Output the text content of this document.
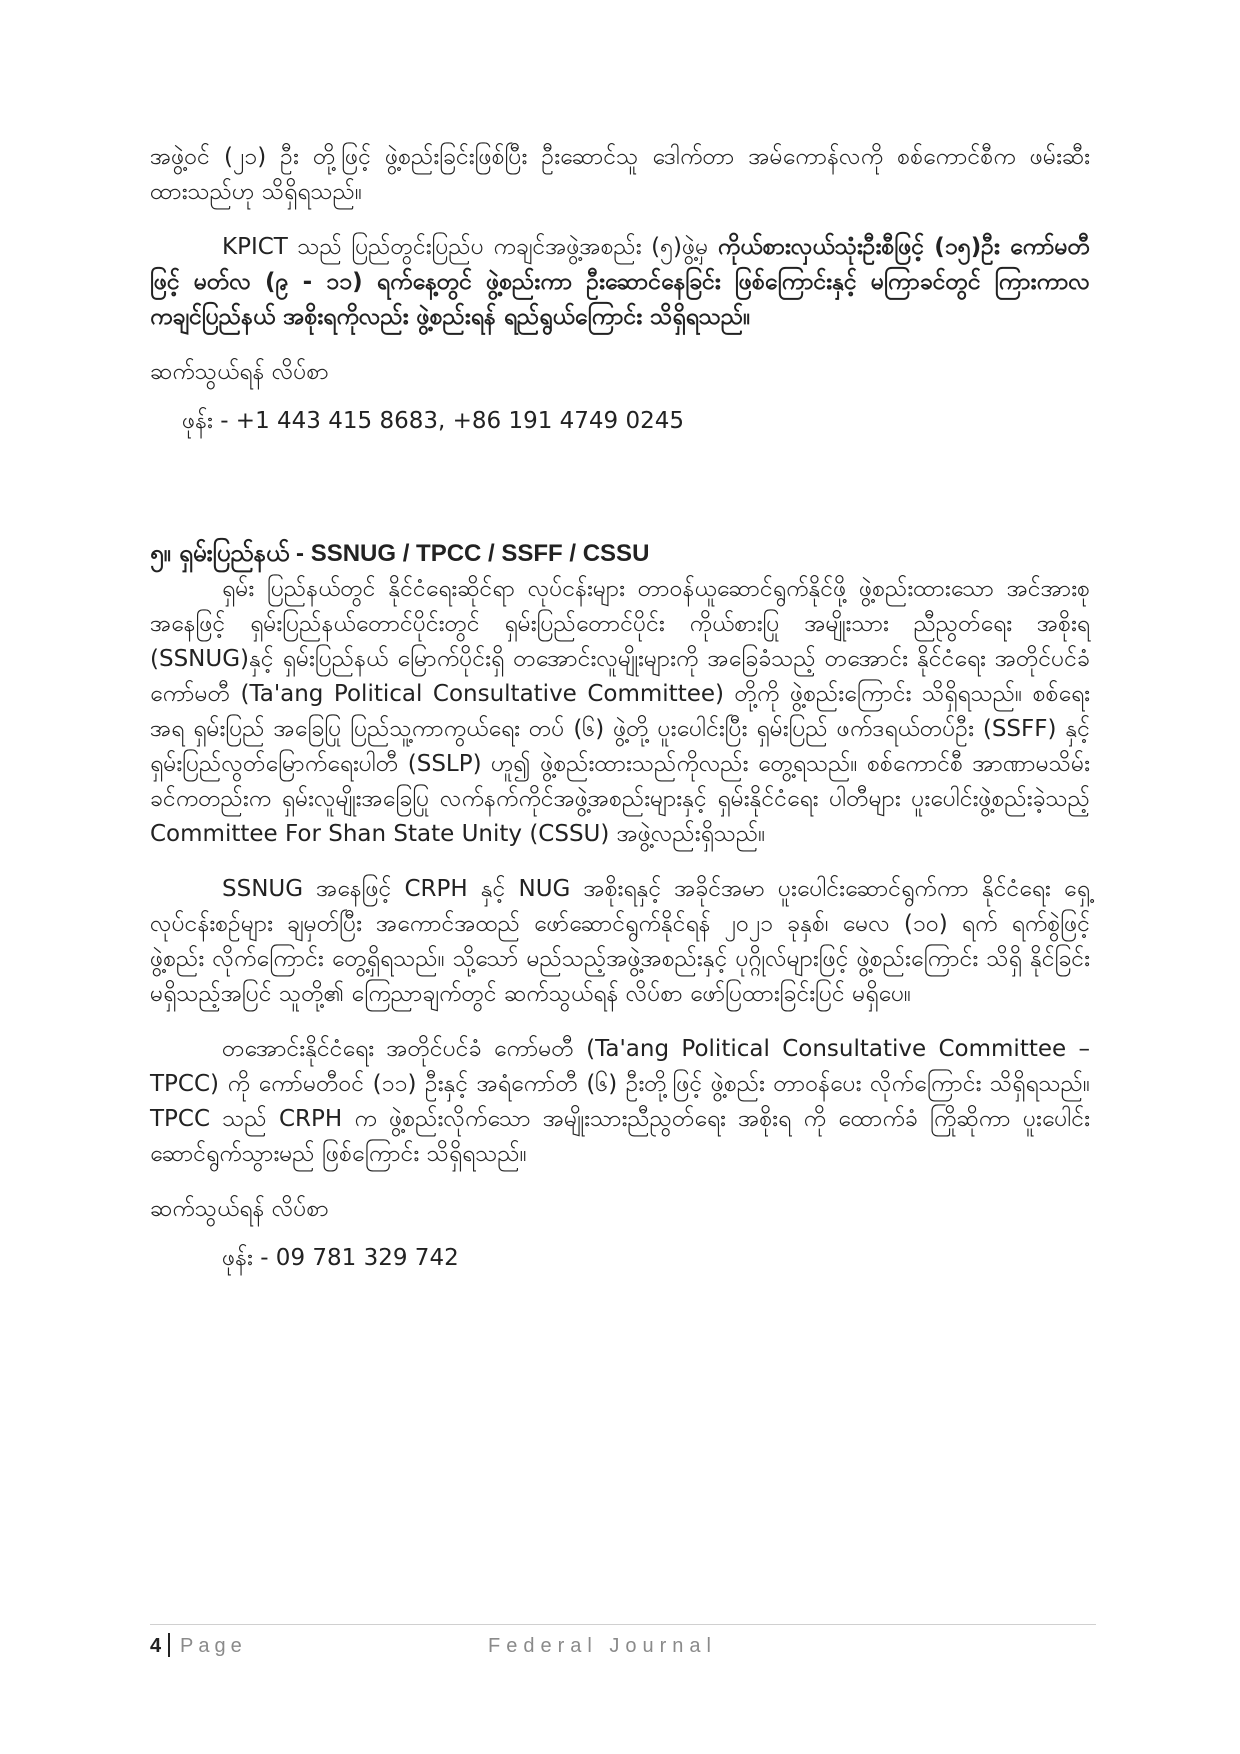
အဖွဲ့ဝင် (၂၁) ဦး တို့ဖြင့် ဖွဲ့စည်းခြင်းဖြစ်ပြီး ဦးဆောင်သူ ဒေါက်တာ အမ်ကောန်လကို စစ်ကောင်စီက ဖမ်းဆီးထားသည်ဟု သိရှိရသည်။

KPICT သည် ပြည်တွင်းပြည်ပ ကချင်အဖွဲ့အစည်း (၅)ဖွဲ့မှ ကိုယ်စားလှယ်သုံးဦးစီဖြင့် (၁၅)ဦး ကော်မတီဖြင့် မတ်လ (၉ - ၁၁) ရက်နေ့တွင် ဖွဲ့စည်းကာ ဦးဆောင်နေခြင်း ဖြစ်ကြောင်းနှင့် မကြာခင်တွင် ကြားကာလကချင်ပြည်နယ် အစိုးရကိုလည်း ဖွဲ့စည်းရန် ရည်ရွယ်ကြောင်း သိရှိရသည်။

ဆက်သွယ်ရန် လိပ်စာ
ဖုန်း - +1 443 415 8683, +86 191 4749 0245
၅။ ရှမ်းပြည်နယ် - SSNUG / TPCC / SSFF / CSSU

ရှမ်း ပြည်နယ်တွင် နိုင်ငံရေးဆိုင်ရာ လုပ်ငန်းများ တာဝန်ယူဆောင်ရွက်နိုင်ဖို့ ဖွဲ့စည်းထားသော အင်အားစု အနေဖြင့် ရှမ်းပြည်နယ်တောင်ပိုင်းတွင် ရှမ်းပြည်တောင်ပိုင်း ကိုယ်စားပြု အမျိုးသား ညီညွတ်ရေး အစိုးရ (SSNUG)နှင့် ရှမ်းပြည်နယ် မြောက်ပိုင်းရှိ တအောင်းလူမျိုးများကို အခြေခံသည့် တအောင်း နိုင်ငံရေး အတိုင်ပင်ခံ ကော်မတီ (Ta'ang Political Consultative Committee) တို့ကို ဖွဲ့စည်းကြောင်း သိရှိရသည်။ စစ်ရေးအရ ရှမ်းပြည် အခြေပြု ပြည်သူ့ကာကွယ်ရေး တပ် (၆) ဖွဲ့တို့ ပူးပေါင်းပြီး ရှမ်းပြည် ဖက်ဒရယ်တပ်ဦး (SSFF) နှင့် ရှမ်းပြည်လွတ်မြောက်ရေးပါတီ (SSLP) ဟူ၍ ဖွဲ့စည်းထားသည်ကိုလည်း တွေ့ရသည်။ စစ်ကောင်စီ အာဏာမသိမ်းခင်ကတည်းက ရှမ်းလူမျိုးအခြေပြု လက်နက်ကိုင်အဖွဲ့အစည်းများနှင့် ရှမ်းနိုင်ငံရေး ပါတီများ ပူးပေါင်းဖွဲ့စည်းခဲ့သည့် Committee For Shan State Unity (CSSU) အဖွဲ့လည်းရှိသည်။

SSNUG အနေဖြင့် CRPH နှင့် NUG အစိုးရနှင့် အခိုင်အမာ ပူးပေါင်းဆောင်ရွက်ကာ နိုင်ငံရေး ရှေ့လုပ်ငန်းစဉ်များ ချမှတ်ပြီး အကောင်အထည် ဖော်ဆောင်ရွက်နိုင်ရန် ၂၀၂၁ ခုနှစ်၊ မေလ (၁၀) ရက် ရက်စွဲဖြင့် ဖွဲ့စည်း လိုက်ကြောင်း တွေ့ရှိရသည်။ သို့သော် မည်သည့်အဖွဲ့အစည်းနှင့် ပုဂ္ဂိုလ်များဖြင့် ဖွဲ့စည်းကြောင်း သိရှိ နိုင်ခြင်းမရှိသည့်အပြင် သူတို့၏ ကြေညာချက်တွင် ဆက်သွယ်ရန် လိပ်စာ ဖော်ပြထားခြင်းပြင် မရှိပေ။

တအောင်းနိုင်ငံရေး အတိုင်ပင်ခံ ကော်မတီ (Ta'ang Political Consultative Committee – TPCC) ကို ကော်မတီဝင် (၁၁) ဦးနှင့် အရံကော်တီ (၆) ဦးတို့ဖြင့် ဖွဲ့စည်း တာဝန်ပေး လိုက်ကြောင်း သိရှိရသည်။ TPCC သည် CRPH က ဖွဲ့စည်းလိုက်သော အမျိုးသားညီညွတ်ရေး အစိုးရ ကို ထောက်ခံ ကြိုဆိုကာ ပူးပေါင်းဆောင်ရွက်သွားမည် ဖြစ်ကြောင်း သိရှိရသည်။

ဆက်သွယ်ရန် လိပ်စာ
ဖုန်း - 09 781 329 742
4 Page	Federal Journal
